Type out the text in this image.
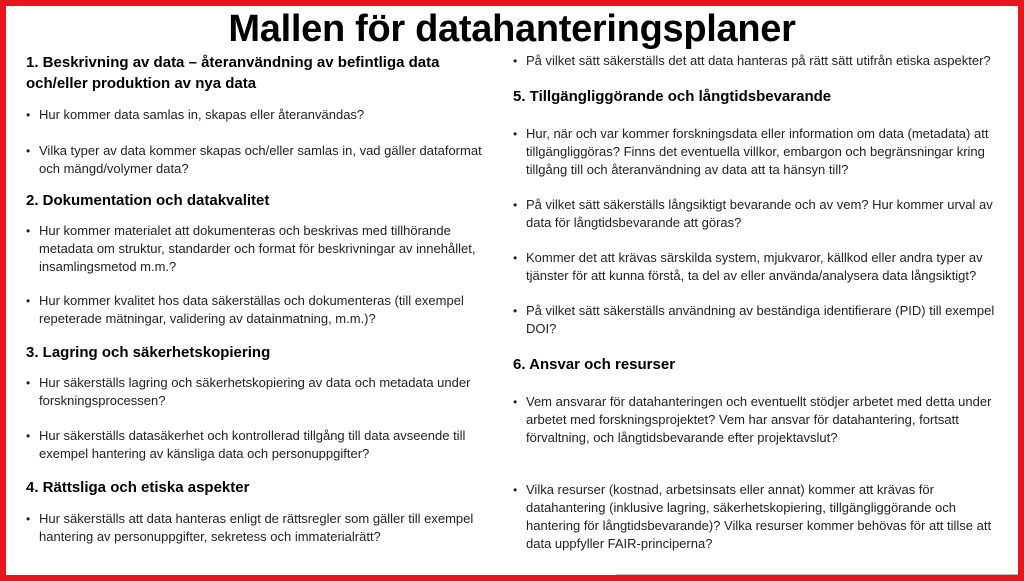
Mallen för datahanteringsplaner
1. Beskrivning av data – återanvändning av befintliga data och/eller produktion av nya data
• Hur kommer data samlas in, skapas eller återanvändas?
• Vilka typer av data kommer skapas och/eller samlas in, vad gäller dataformat och mängd/volymer data?
2. Dokumentation och datakvalitet
• Hur kommer materialet att dokumenteras och beskrivas med tillhörande metadata om struktur, standarder och format för beskrivningar av innehållet, insamlingsmetod m.m.?
• Hur kommer kvalitet hos data säkerställas och dokumenteras (till exempel repeterade mätningar, validering av datainmatning, m.m.)?
3. Lagring och säkerhetskopiering
• Hur säkerställs lagring och säkerhetskopiering av data och metadata under forskningsprocessen?
• Hur säkerställs datasäkerhet och kontrollerad tillgång till data avseende till exempel hantering av känsliga data och personuppgifter?
4. Rättsliga och etiska aspekter
• Hur säkerställs att data hanteras enligt de rättsregler som gäller till exempel hantering av personuppgifter, sekretess och immaterialrätt?
• På vilket sätt säkerställs det att data hanteras på rätt sätt utifrån etiska aspekter?
5. Tillgängliggörande och långtidsbevarande
• Hur, när och var kommer forskningsdata eller information om data (metadata) att tillgängliggöras? Finns det eventuella villkor, embargon och begränsningar kring tillgång till och återanvändning av data att ta hänsyn till?
• På vilket sätt säkerställs långsiktigt bevarande och av vem? Hur kommer urval av data för långtidsbevarande att göras?
• Kommer det att krävas särskilda system, mjukvaror, källkod eller andra typer av tjänster för att kunna förstå, ta del av eller använda/analysera data långsiktigt?
• På vilket sätt säkerställs användning av beständiga identifierare (PID) till exempel DOI?
6. Ansvar och resurser
• Vem ansvarar för datahanteringen och eventuellt stödjer arbetet med detta under arbetet med forskningsprojektet? Vem har ansvar för datahantering, fortsatt förvaltning, och långtidsbevarande efter projektavslut?
• Vilka resurser (kostnad, arbetsinsats eller annat) kommer att krävas för datahantering (inklusive lagring, säkerhetskopiering, tillgängliggörande och hantering för långtidsbevarande)? Vilka resurser kommer behövas för att tillse att data uppfyller FAIR-principerna?
